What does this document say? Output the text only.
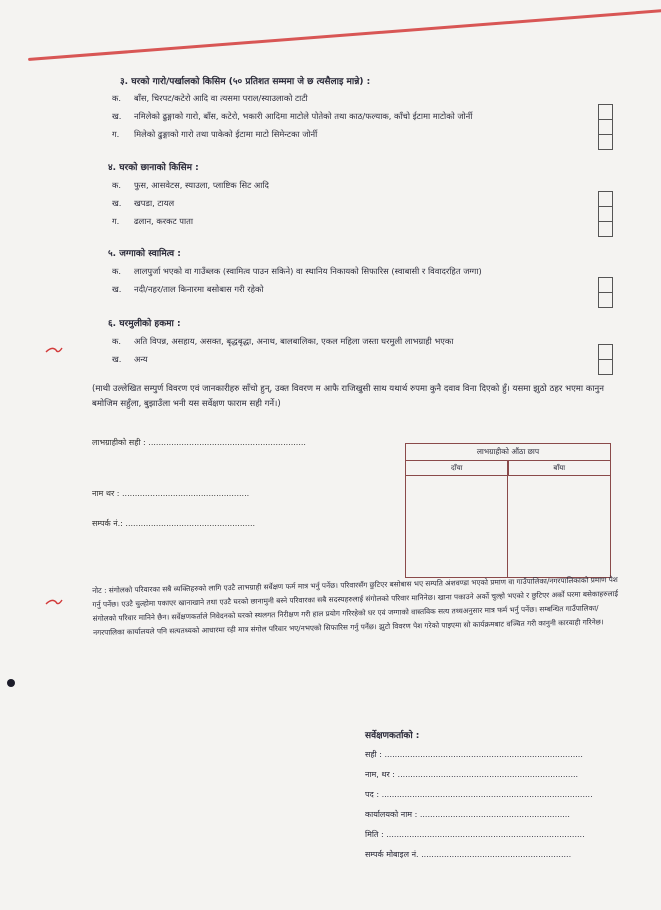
३. घरको गारो/पर्खालको किसिम (५० प्रतिशत सम्ममा जे छ त्यसैलाइ मान्ने) :
क. बाँस, चिरपट/कटेरो आदि वा त्यसमा पराल/स्याउलाको टाटी
ख. नमिलेको ढुङ्गाको गारो, बाँस, कटेरो, भकारी आदिमा माटोले पोतेको तथा काठ/फल्याक, काँचो ईटामा माटोको जोर्नी
ग. मिलेको ढुङ्गाको गारो तथा पाकेको ईटामा माटो सिमेन्टका जोर्नी
४. घरको छानाको किसिम :
क. फुस, आसवेटस, स्याउला, प्लाष्टिक सिट आदि
ख. खपडा, टायल
ग. ढलान, करकट पाता
५. जग्गाको स्वामित्व :
क. लालपुर्जा भएको वा गाउँब्लक (स्वामित्व पाउन सकिने) वा स्थानिय निकायको सिफारिस (स्वाबासी र विवादरहित जग्गा)
ख. नदी/नहर/ताल किनारमा बसोबास गरी रहेको
६. घरमुलीको हकमा :
क. अति विपन्न, असहाय, असक्त, बृद्धबृद्धा, अनाथ, बालबालिका, एकल महिला जस्ता घरमुली लाभग्राही भएका
ख. अन्य
(माथी उल्लेखित सम्पुर्ण विवरण एवं जानकारीहरु साँचो हुन्, उक्त विवरण म आफै राजिखुसी साथ यथार्थ रुपमा कुनै दवाव विना दिएको हुँ। यसमा झुठो ठहर भएमा कानुन बमोजिम सहुँला, बुझाउँला भनी यस सर्वेक्षण फाराम सही गर्ने।)
लाभग्राहीको सही : ..............................................................
नाम थर : ..................................................
सम्पर्क नं.: ...................................................
लाभग्राहीको औंठा छाप
दाँया	बाँया
नोट : संगोलको परिवारका सबै व्यक्तिहरुको लागि एउटै लाभग्राही सर्वेक्षण फर्म मात्र भर्नु पर्नेछ। परिवारसँग छुटिएर बसोबास भए सम्पति अंशवण्डा भएको प्रमाण वा गाउँपालिका/नगरपालिकाको प्रमाण पेश गर्नु पर्नेछ। एउटै चुल्होमा पकाएर खानाखाने तथा एउटै घरको छानामुनी बस्ने परिवारका सबै सदस्यहरुलाई संगोलको परिवार मानिनेछ। खाना पकाउने अर्को चुल्हो भएको र छुटिएर अर्को घरमा बसेकाहरुलाई संगोलको परिवार मानिने छैन। सर्वेक्षणकर्ताले निवेदनको घरको स्थलगत निरीक्षण गरी हाल प्रयोग गरिरहेको घर एवं जग्गाको वास्तविक सत्य तथ्यअनुसार मात्र फर्म भर्नु पर्नेछ। सम्बन्धित गाउँपालिका/नगरपालिका कार्यालयले पनि सत्यतथ्यको आधारमा रही मात्र संगोल परिवार भए/नभएको सिफारिस गर्नु पर्नेछ। झुटो विवरण पेश गरेको पाइएमा सो कार्यक्रमबाट वञ्चित गरी कानुनी कारवाही गरिनेछ।
सर्वेक्षणकर्ताको :
सही : ..............................................................................
नाम, थर : .......................................................................
पद : ...................................................................................
कार्यालयको नाम : ...........................................................
मिति : ..............................................................................
सम्पर्क मोबाइल नं. ...........................................................
